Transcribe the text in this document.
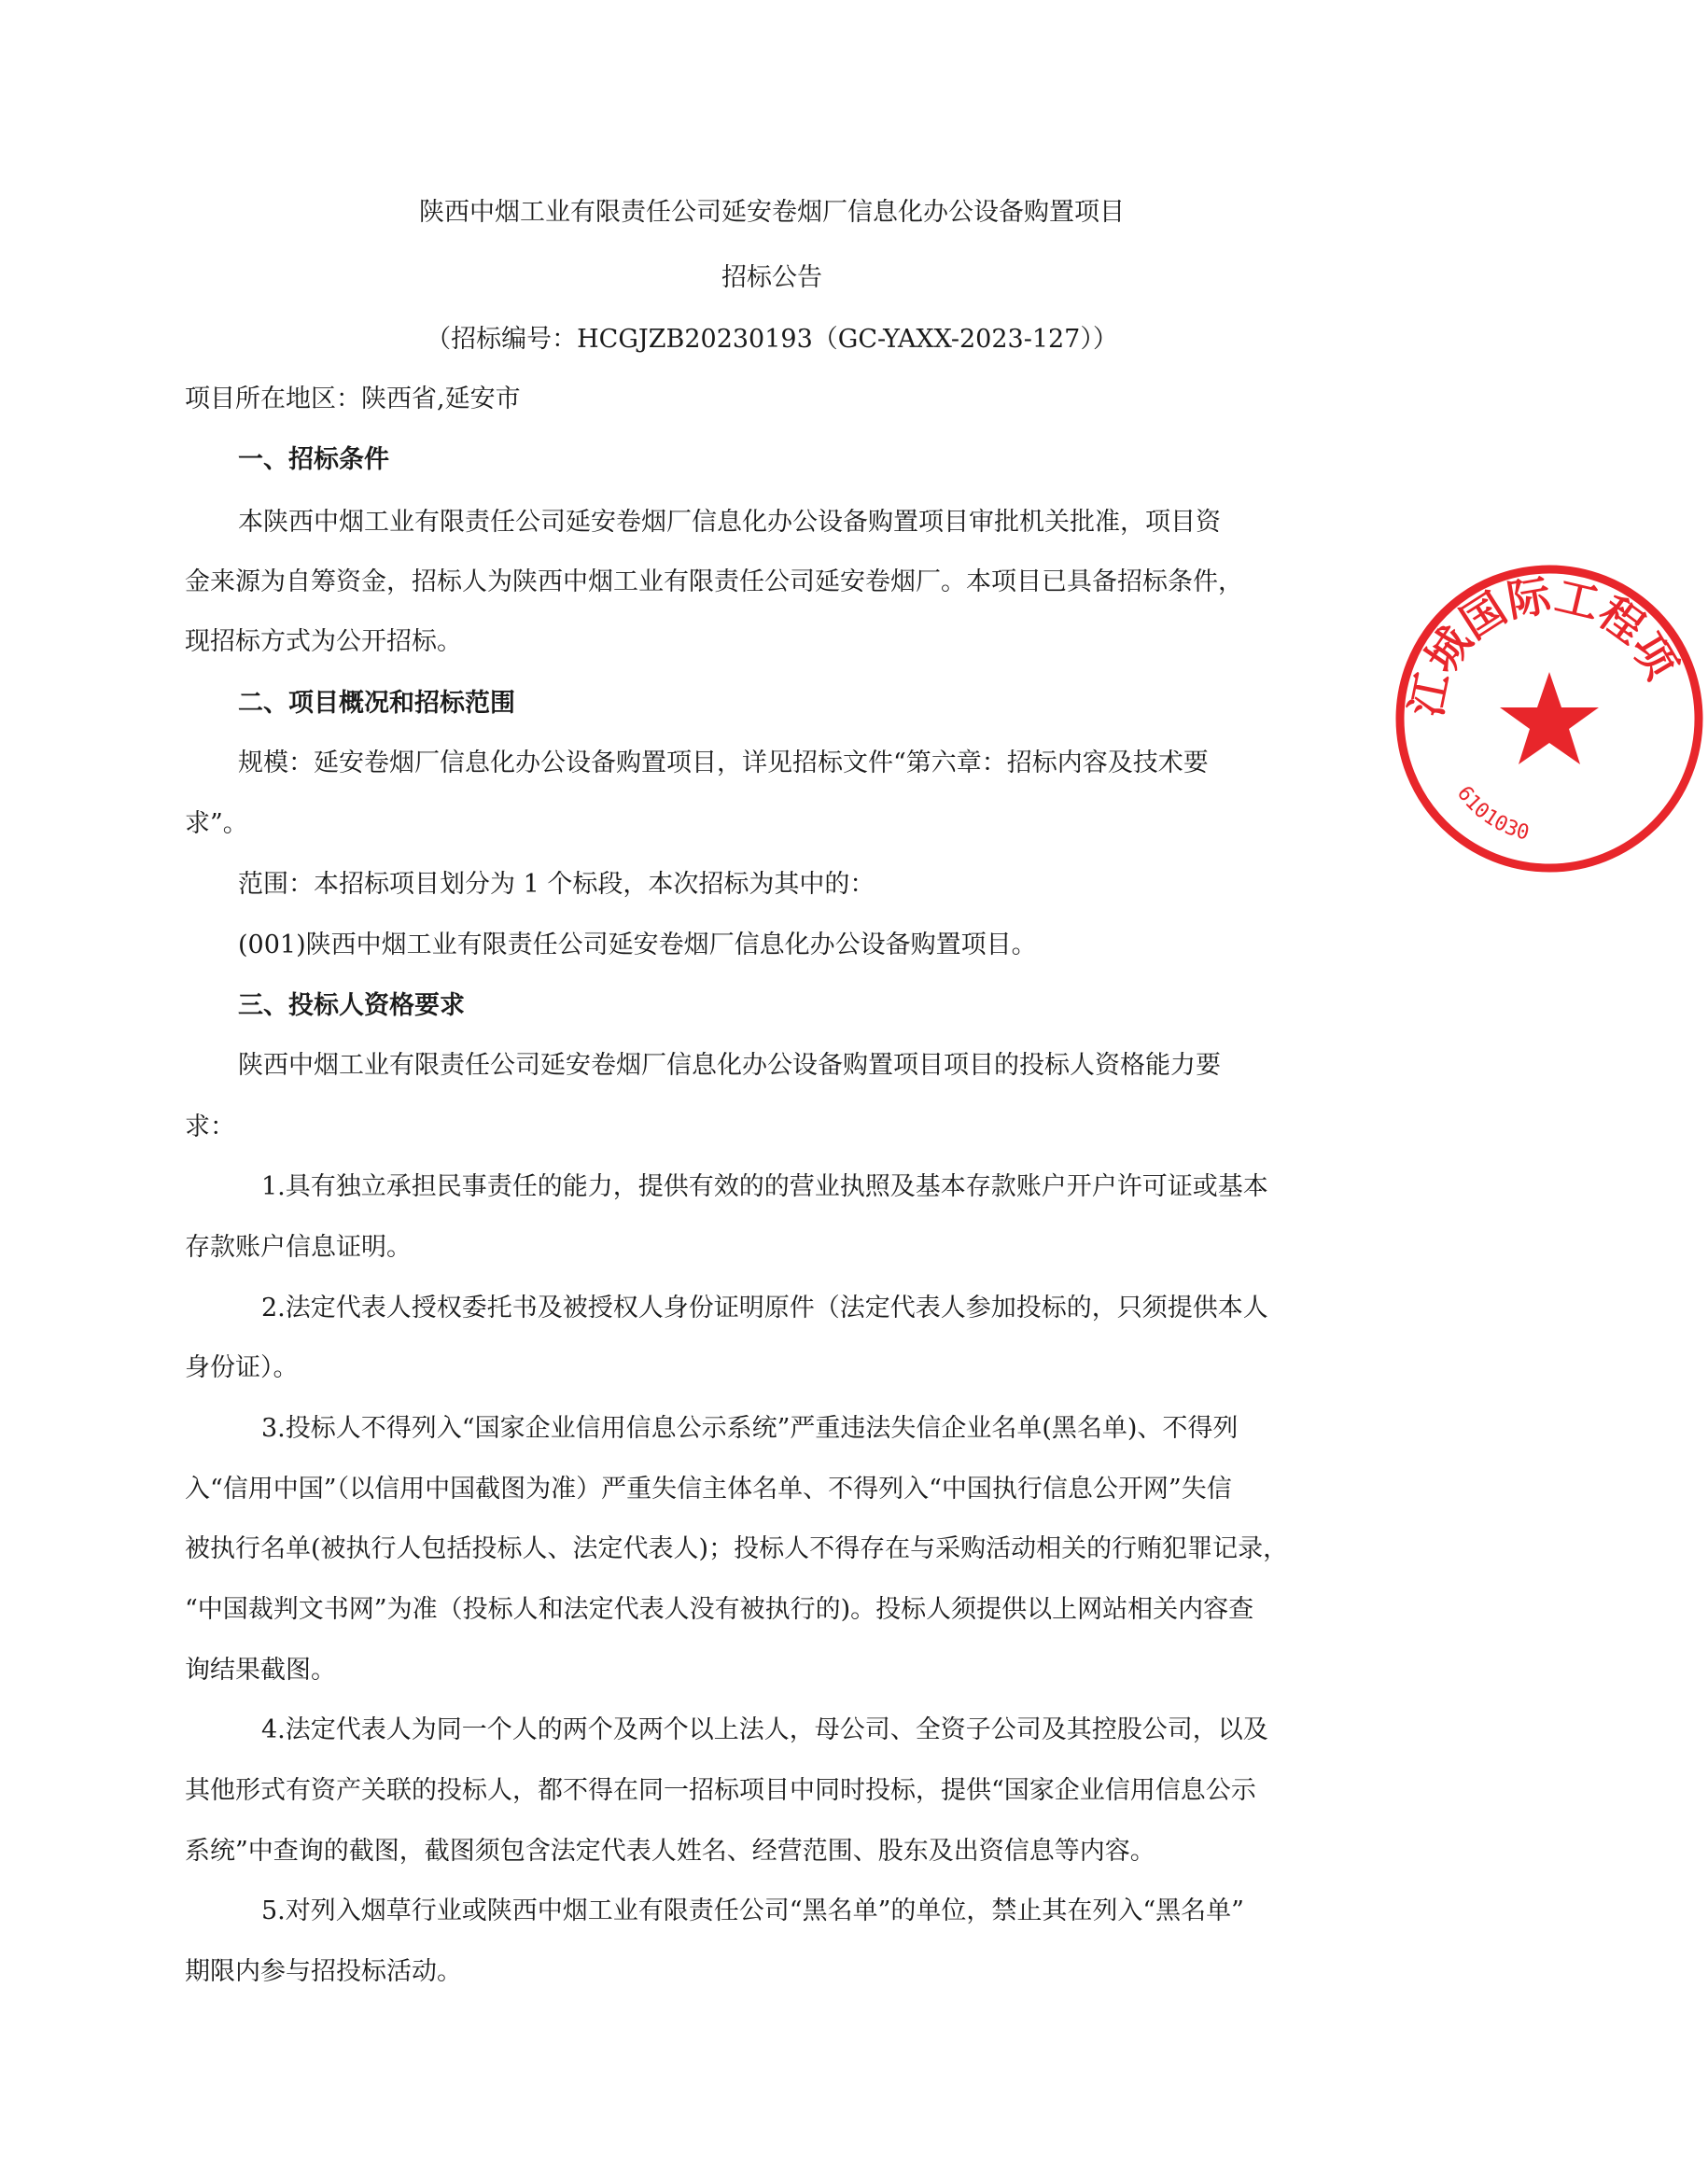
陕西中烟工业有限责任公司延安卷烟厂信息化办公设备购置项目
招标公告
（招标编号：HCGJZB20230193（GC-YAXX-2023-127））
项目所在地区：陕西省,延安市
一、招标条件
本陕西中烟工业有限责任公司延安卷烟厂信息化办公设备购置项目审批机关批准，项目资
金来源为自筹资金，招标人为陕西中烟工业有限责任公司延安卷烟厂。本项目已具备招标条件，
现招标方式为公开招标。
二、项目概况和招标范围
规模：延安卷烟厂信息化办公设备购置项目，详见招标文件“第六章：招标内容及技术要
求”。
范围：本招标项目划分为 1 个标段，本次招标为其中的：
(001)陕西中烟工业有限责任公司延安卷烟厂信息化办公设备购置项目。
三、投标人资格要求
陕西中烟工业有限责任公司延安卷烟厂信息化办公设备购置项目项目的投标人资格能力要
求：
1.具有独立承担民事责任的能力，提供有效的的营业执照及基本存款账户开户许可证或基本
存款账户信息证明。
2.法定代表人授权委托书及被授权人身份证明原件（法定代表人参加投标的，只须提供本人
身份证）。
3.投标人不得列入“国家企业信用信息公示系统”严重违法失信企业名单(黑名单)、不得列
入“信用中国”（以信用中国截图为准）严重失信主体名单、不得列入“中国执行信息公开网”失信
被执行名单(被执行人包括投标人、法定代表人)；投标人不得存在与采购活动相关的行贿犯罪记录，
“中国裁判文书网”为准（投标人和法定代表人没有被执行的)。投标人须提供以上网站相关内容查
询结果截图。
4.法定代表人为同一个人的两个及两个以上法人，母公司、全资子公司及其控股公司，以及
其他形式有资产关联的投标人，都不得在同一招标项目中同时投标，提供“国家企业信用信息公示
系统”中查询的截图，截图须包含法定代表人姓名、经营范围、股东及出资信息等内容。
5.对列入烟草行业或陕西中烟工业有限责任公司“黑名单”的单位，禁止其在列入“黑名单”
期限内参与招投标活动。
江城国际工程项
6101030
